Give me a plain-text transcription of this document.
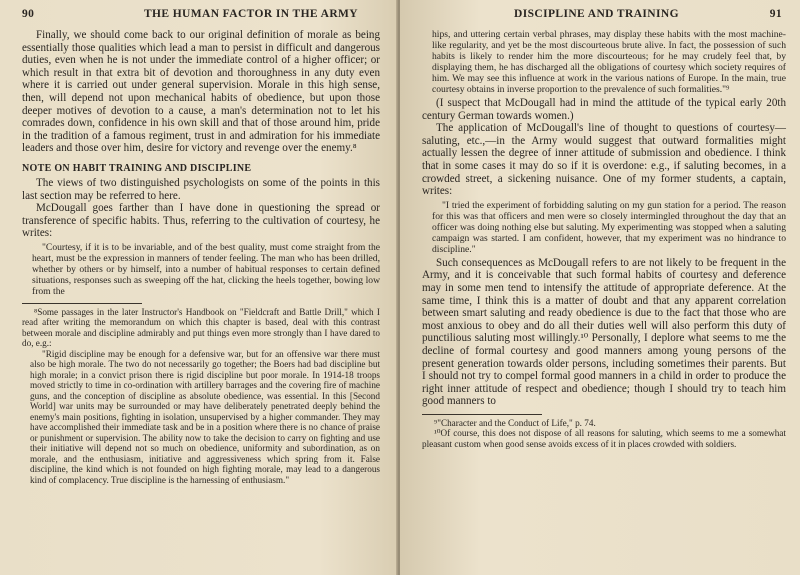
90	THE HUMAN FACTOR IN THE ARMY

Finally, we should come back to our original definition of morale as being essentially those qualities which lead a man to persist in difficult and dangerous duties, even when he is not under the immediate control of a higher officer; or which result in that extra bit of devotion and thoroughness in any duty even where it is carried out under general supervision. Morale in this high sense, then, will depend not upon mechanical habits of obedience, but upon those deeper motives of devotion to a cause, a man's determination not to let his comrades down, confidence in his own skill and that of those around him, pride in the tradition of a famous regiment, trust in and admiration for his immediate leaders and those over him, desire for victory and revenge over the enemy.⁸

NOTE ON HABIT TRAINING AND DISCIPLINE

The views of two distinguished psychologists on some of the points in this last section may be referred to here.

McDougall goes farther than I have done in questioning the spread or transference of specific habits. Thus, referring to the cultivation of courtesy, he writes:

"Courtesy, if it is to be invariable, and of the best quality, must come straight from the heart, must be the expression in manners of tender feeling. The man who has been drilled, whether by others or by himself, into a number of habitual responses to certain defined situations, responses such as sweeping off the hat, clicking the heels together, bowing low from the

⁸Some passages in the later Instructor's Handbook on "Fieldcraft and Battle Drill," which I read after writing the memorandum on which this chapter is based, deal with this contrast between morale and discipline admirably and put things even more strongly than I have dared to do, e.g.:

"Rigid discipline may be enough for a defensive war, but for an offensive war there must also be high morale. The two do not necessarily go together; the Boers had bad discipline but high morale; in a convict prison there is rigid discipline but poor morale. In 1914-18 troops moved strictly to time in co-ordination with artillery barrages and the covering fire of machine guns, and the conception of discipline as absolute obedience, was essential. In this [Second World] war units may be surrounded or may have deliberately penetrated deeply behind the enemy's main positions, fighting in isolation, unsupervised by a higher commander. They may have accomplished their immediate task and be in a position where there is no chance of praise or punishment or supervision. The ability now to take the decision to carry on fighting and use their initiative will depend not so much on obedience, uniformity and subordination, as on morale, and the enthusiasm, initiative and aggressiveness which spring from it. False discipline, the kind which is not founded on high fighting morale, may lead to a dangerous kind of complacency. True discipline is the harnessing of enthusiasm."

DISCIPLINE AND TRAINING	91

hips, and uttering certain verbal phrases, may display these habits with the most machine-like regularity, and yet be the most discourteous brute alive. In fact, the possession of such habits is likely to render him the more discourteous; for he may crudely feel that, by displaying them, he has discharged all the obligations of courtesy which society requires of him. We may see this influence at work in the various nations of Europe. In the main, true courtesy obtains in inverse proportion to the prevalence of such formalities."⁹

(I suspect that McDougall had in mind the attitude of the typical early 20th century German towards women.)

The application of McDougall's line of thought to questions of courtesy—saluting, etc.,—in the Army would suggest that outward formalities might actually lessen the degree of inner attitude of submission and obedience. I think that in some cases it may do so if it is overdone: e.g., if saluting becomes, in a crowded street, a sickening nuisance. One of my former students, a captain, writes:

"I tried the experiment of forbidding saluting on my gun station for a period. The reason for this was that officers and men were so closely intermingled throughout the day that an officer was doing nothing else but saluting. My experimenting was stopped when a saluting campaign was started. I am confident, however, that my experiment was no hindrance to discipline."

Such consequences as McDougall refers to are not likely to be frequent in the Army, and it is conceivable that such formal habits of courtesy and deference may in some men tend to intensify the attitude of appropriate deference. At the same time, I think this is a matter of doubt and that any apparent correlation between smart saluting and ready obedience is due to the fact that those who are most anxious to obey and do all their duties well will also perform this duty of punctilious saluting most willingly.¹⁰ Personally, I deplore what seems to me the decline of formal courtesy and good manners among young persons of the present generation towards older persons, including sometimes their parents. But I should not try to compel formal good manners in a child in order to produce the right inner attitude of respect and obedience; though I should try to teach him good manners to

⁹"Character and the Conduct of Life," p. 74.

¹⁰Of course, this does not dispose of all reasons for saluting, which seems to me a somewhat pleasant custom when good sense avoids excess of it in places crowded with soldiers.
